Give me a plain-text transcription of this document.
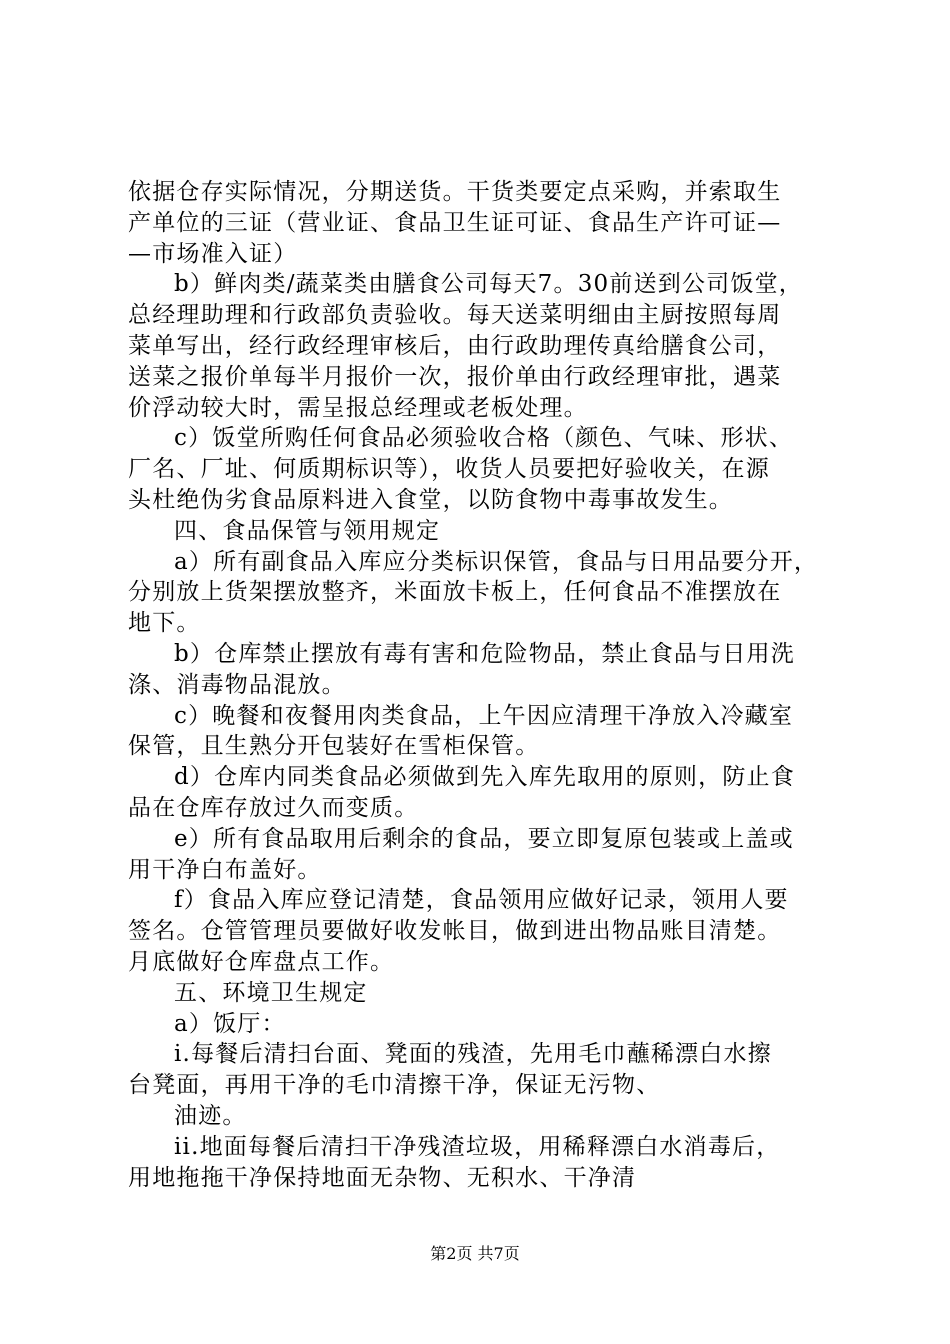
依据仓存实际情况，分期送货。干货类要定点采购，并索取生
产单位的三证（营业证、食品卫生证可证、食品生产许可证—
—市场准入证）
b）鲜肉类/蔬菜类由膳食公司每天7。30前送到公司饭堂，
总经理助理和行政部负责验收。每天送菜明细由主厨按照每周
菜单写出，经行政经理审核后，由行政助理传真给膳食公司，
送菜之报价单每半月报价一次，报价单由行政经理审批，遇菜
价浮动较大时，需呈报总经理或老板处理。
c）饭堂所购任何食品必须验收合格（颜色、气味、形状、
厂名、厂址、何质期标识等），收货人员要把好验收关，在源
头杜绝伪劣食品原料进入食堂，以防食物中毒事故发生。
四、食品保管与领用规定
a）所有副食品入库应分类标识保管，食品与日用品要分开，
分别放上货架摆放整齐，米面放卡板上，任何食品不准摆放在
地下。
b）仓库禁止摆放有毒有害和危险物品，禁止食品与日用洗
涤、消毒物品混放。
c）晚餐和夜餐用肉类食品，上午因应清理干净放入冷藏室
保管，且生熟分开包装好在雪柜保管。
d）仓库内同类食品必须做到先入库先取用的原则，防止食
品在仓库存放过久而变质。
e）所有食品取用后剩余的食品，要立即复原包装或上盖或
用干净白布盖好。
f）食品入库应登记清楚，食品领用应做好记录，领用人要
签名。仓管管理员要做好收发帐目，做到进出物品账目清楚。
月底做好仓库盘点工作。
五、环境卫生规定
a）饭厅：
i.每餐后清扫台面、凳面的残渣，先用毛巾蘸稀漂白水擦
台凳面，再用干净的毛巾清擦干净，保证无污物、
油迹。
ii.地面每餐后清扫干净残渣垃圾，用稀释漂白水消毒后，
用地拖拖干净保持地面无杂物、无积水、干净清
第2页 共7页
